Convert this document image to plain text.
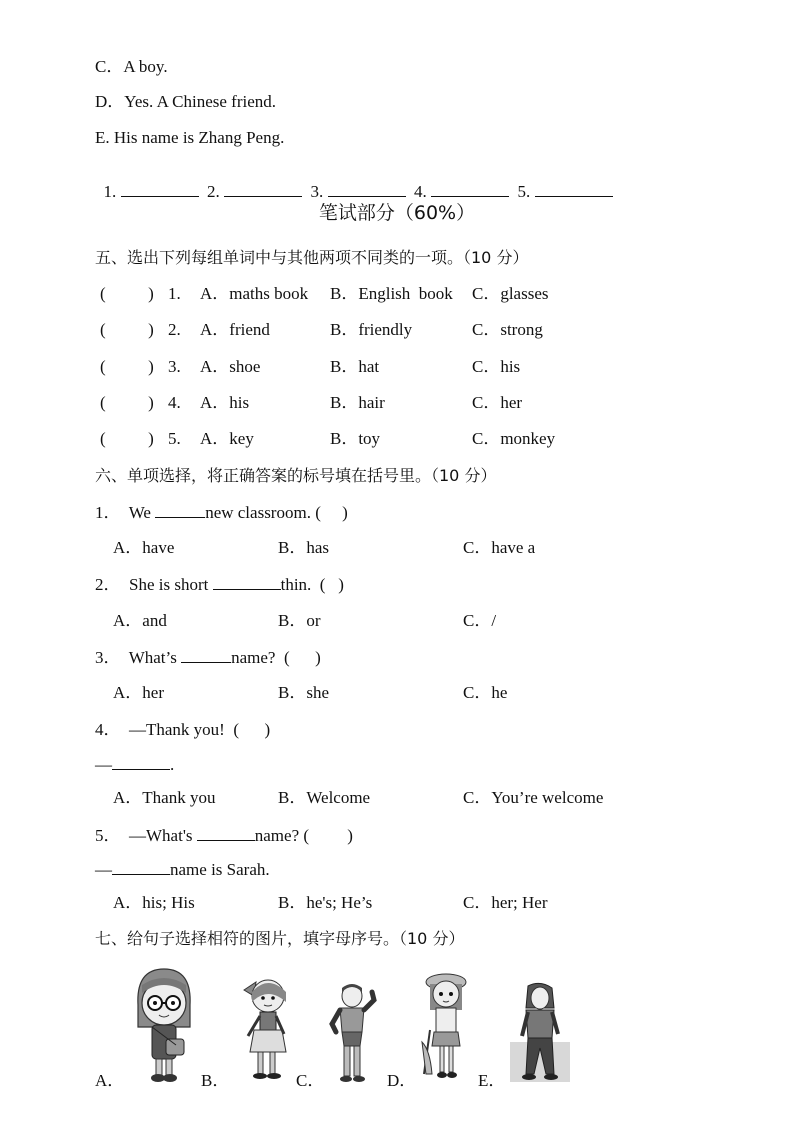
C．A boy.
D．Yes. A Chinese friend.
E. His name is Zhang Peng.

1.	2.	3.	4.	5.

笔试部分（60%）
五、选出下列每组单词中与其他两项不同类的一项。（10 分）
(          ) 1. A．maths book B．English  book C．glasses
(          ) 2. A．friend	B．friendly	C．strong
(          ) 3. A．shoe	B．hat	C．his
(          ) 4. A．his	B．hair	C．her
(          ) 5. A．key	B．toy	C．monkey
六、单项选择，将正确答案的标号填在括号里。（10 分）
1． We	new classroom. (     )
A．have	B．has	C．have a
2． She is short	thin.  (   )
A．and	B．or	C．/
3． What’s	name?  (      )
A．her	B．she	C．he
4． —Thank you!  (      )
—	.
A．Thank you	B．Welcome	C．You’re welcome
5． —What's	name? (         )
—	name is Sarah.
A．his; His	B．he's; He’s	C．her; Her
七、给句子选择相符的图片，填字母序号。（10 分）
A．	B．	C．	D．	E．
